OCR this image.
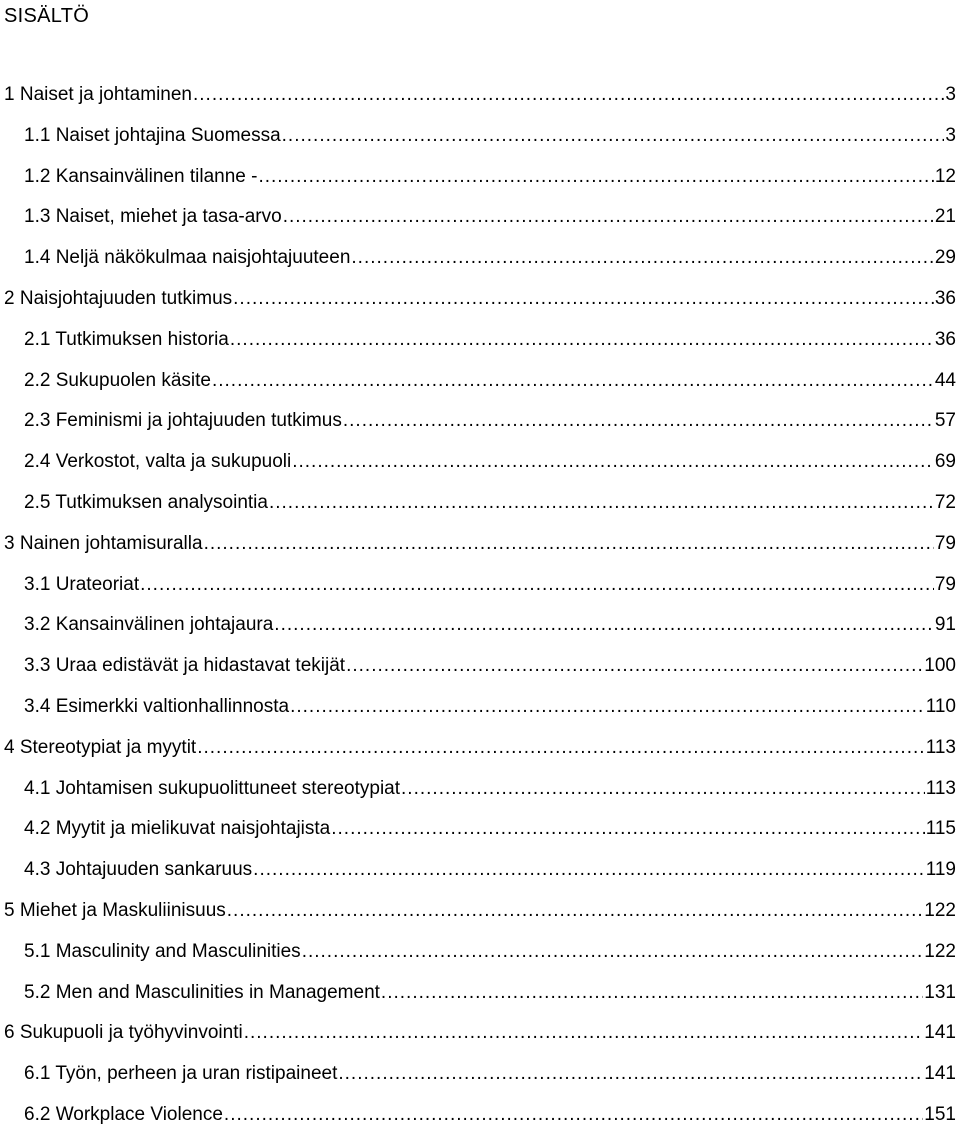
SISÄLTÖ
1 Naiset ja johtaminen .....	3
1.1 Naiset johtajina Suomessa .....	3
1.2 Kansainvälinen tilanne - .....	12
1.3 Naiset, miehet ja tasa-arvo .....	21
1.4 Neljä näkökulmaa naisjohtajuuteen .....	29
2 Naisjohtajuuden tutkimus .....	36
2.1 Tutkimuksen historia .....	36
2.2 Sukupuolen käsite .....	44
2.3 Feminismi ja johtajuuden tutkimus .....	57
2.4 Verkostot, valta ja sukupuoli .....	69
2.5 Tutkimuksen analysointia .....	72
3 Nainen johtamisuralla .....	79
3.1 Urateoriat .....	79
3.2 Kansainvälinen johtajaura .....	91
3.3 Uraa edistävät ja hidastavat tekijät .....	100
3.4 Esimerkki valtionhallinnosta .....	110
4 Stereotypiat ja myytit .....	113
4.1 Johtamisen sukupuolittuneet stereotypiat .....	113
4.2 Myytit ja mielikuvat naisjohtajista .....	115
4.3 Johtajuuden sankaruus .....	119
5 Miehet ja Maskuliinisuus .....	122
5.1 Masculinity and Masculinities .....	122
5.2 Men and Masculinities in Management .....	131
6 Sukupuoli ja työhyvinvointi .....	141
6.1 Työn, perheen ja uran ristipaineet .....	141
6.2 Workplace Violence .....	151
